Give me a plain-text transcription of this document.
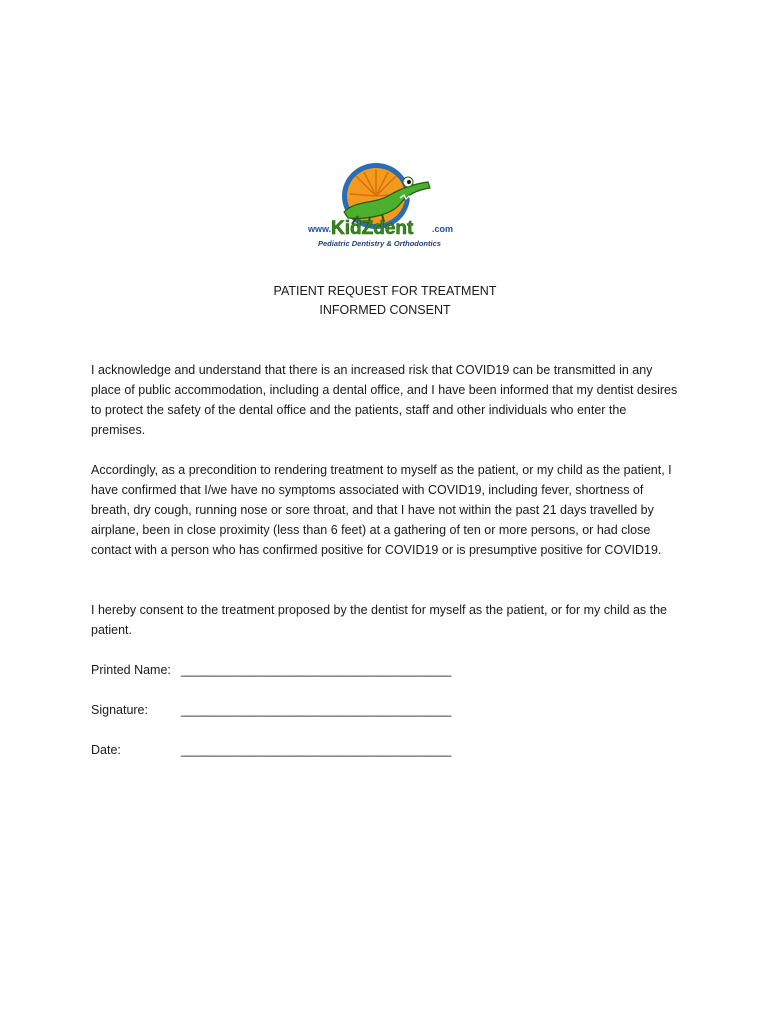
www. KidZdent .com
Pediatric Dentistry & Orthodontics
PATIENT REQUEST FOR TREATMENT
INFORMED CONSENT
I acknowledge and understand that there is an increased risk that COVID19 can be transmitted in any place of public accommodation, including a dental office, and I have been informed that my dentist desires to protect the safety of the dental office and the patients, staff and other individuals who enter the premises.
Accordingly, as a precondition to rendering treatment to myself as the patient, or my child as the patient, I have confirmed that I/we have no symptoms associated with COVID19, including fever, shortness of breath, dry cough, running nose or sore throat, and that I have not within the past 21 days travelled by airplane, been in close proximity (less than 6 feet) at a gathering of ten or more persons, or had close contact with a person who has confirmed positive for COVID19 or is presumptive positive for COVID19.
I hereby consent to the treatment proposed by the dentist for myself as the patient, or for my child as the patient.
Printed Name: ________________________________________
Signature:	________________________________________
Date:	________________________________________
